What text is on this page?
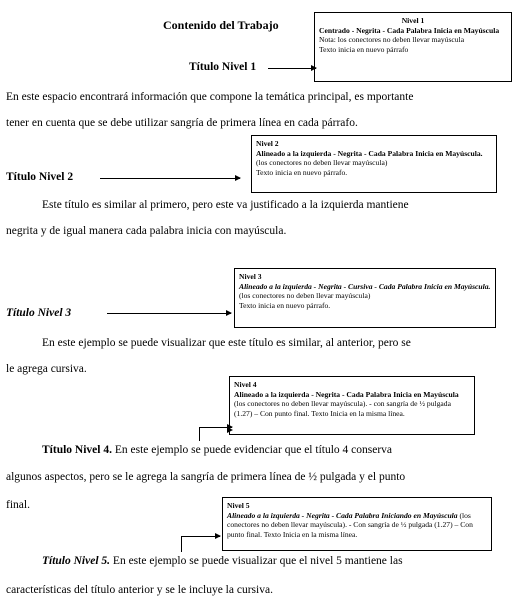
Contenido del Trabajo	Nivel 1
Centrado - Negrita - Cada Palabra Inicia en Mayúscula
Nota: los conectores no deben llevar mayúscula
Texto inicia en nuevo párrafo
Título Nivel 1
En este espacio encontrará información que compone la temática principal, es mportante
tener en cuenta que se debe utilizar sangría de primera línea en cada párrafo.
Nivel 2
Alineado a la izquierda - Negrita - Cada Palabra Inicia en Mayúscula.
(los conectores no deben llevar mayúscula)
Texto inicia en nuevo párrafo.
Título Nivel 2
Este título es similar al primero, pero este va justificado a la izquierda mantiene
negrita y de igual manera cada palabra inicia con mayúscula.
Nivel 3
Alineado a la izquierda - Negrita - Cursiva - Cada Palabra Inicia en Mayúscula.
(los conectores no deben llevar mayúscula)
Texto inicia en nuevo párrafo.
Título Nivel 3
En este ejemplo se puede visualizar que este título es similar, al anterior, pero se
le agrega cursiva.
Nivel 4
Alineado a la izquierda - Negrita - Cada Palabra Inicia en Mayúscula (los conectores no deben llevar mayúscula). - con sangría de ½ pulgada (1.27) – Con punto final. Texto Inicia en la misma línea.
Título Nivel 4. En este ejemplo se puede evidenciar que el título 4 conserva
algunos aspectos, pero se le agrega la sangría de primera línea de ½ pulgada y el punto
final.	Nivel 5
Alineado a la izquierda - Negrita - Cada Palabra Iniciando en Mayúscula (los conectores no deben llevar mayúscula). - Con sangría de ½ pulgada (1.27) – Con punto final. Texto Inicia en la misma línea.
Título Nivel 5. En este ejemplo se puede visualizar que el nivel 5 mantiene las
características del título anterior y se le incluye la cursiva.
